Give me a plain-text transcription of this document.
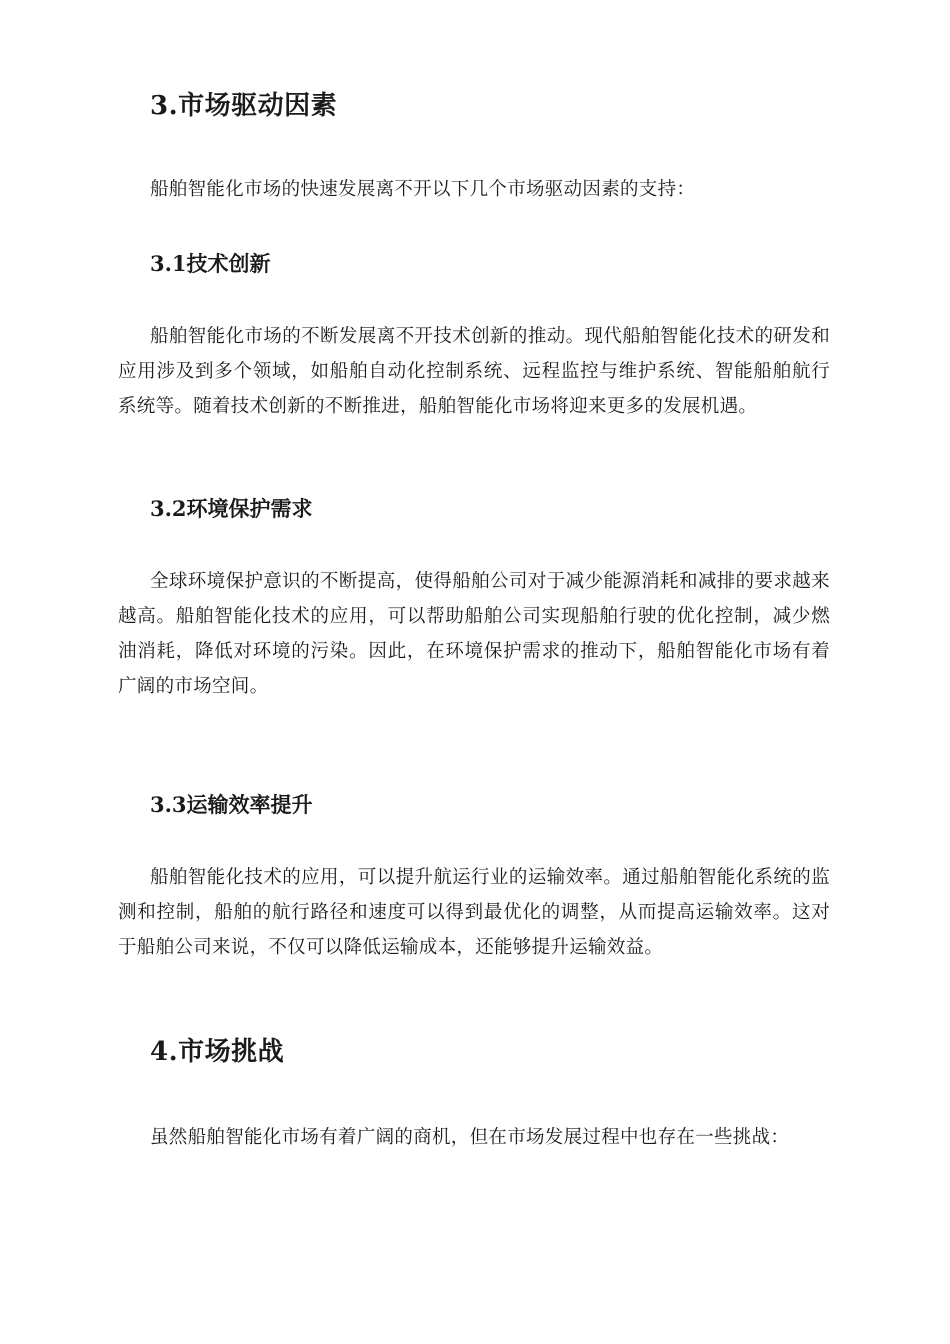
3.市场驱动因素

船舶智能化市场的快速发展离不开以下几个市场驱动因素的支持：

3.1技术创新

船舶智能化市场的不断发展离不开技术创新的推动。现代船舶智能化技术的研发和应用涉及到多个领域，如船舶自动化控制系统、远程监控与维护系统、智能船舶航行系统等。随着技术创新的不断推进，船舶智能化市场将迎来更多的发展机遇。

3.2环境保护需求

全球环境保护意识的不断提高，使得船舶公司对于减少能源消耗和减排的要求越来越高。船舶智能化技术的应用，可以帮助船舶公司实现船舶行驶的优化控制，减少燃油消耗，降低对环境的污染。因此，在环境保护需求的推动下，船舶智能化市场有着广阔的市场空间。

3.3运输效率提升

船舶智能化技术的应用，可以提升航运行业的运输效率。通过船舶智能化系统的监测和控制，船舶的航行路径和速度可以得到最优化的调整，从而提高运输效率。这对于船舶公司来说，不仅可以降低运输成本，还能够提升运输效益。

4.市场挑战

虽然船舶智能化市场有着广阔的商机，但在市场发展过程中也存在一些挑战：
